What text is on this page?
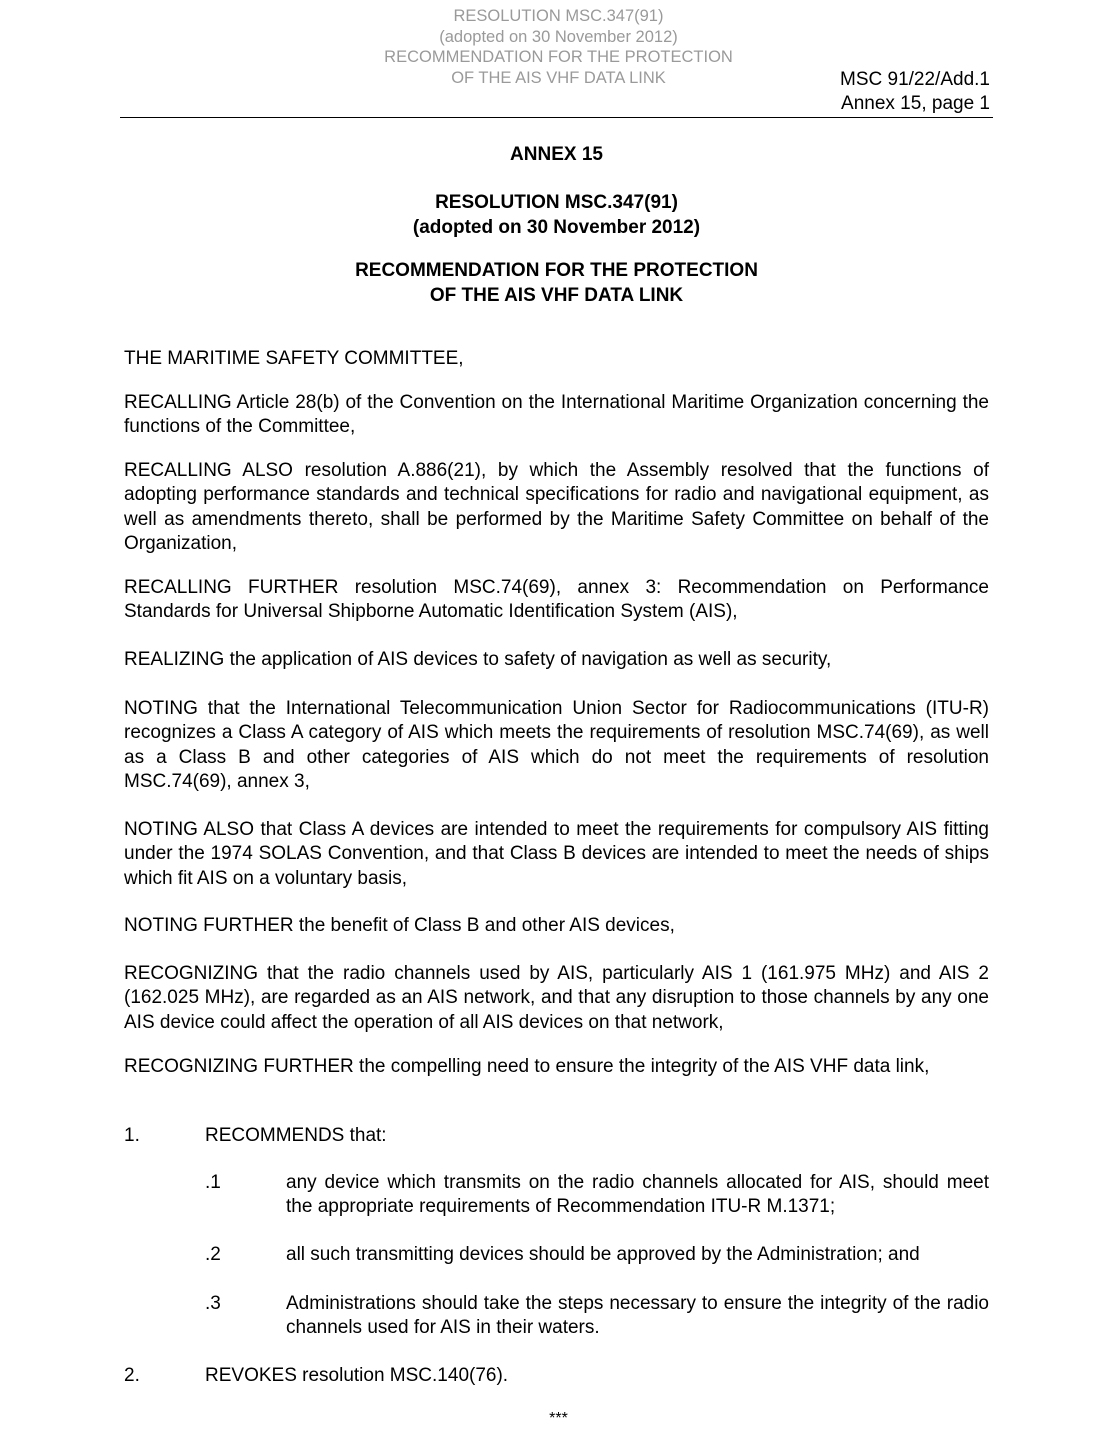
RESOLUTION MSC.347(91)
(adopted on 30 November 2012)
RECOMMENDATION FOR THE PROTECTION
OF THE AIS VHF DATA LINK	MSC 91/22/Add.1
Annex 15, page 1
ANNEX 15
RESOLUTION MSC.347(91)
(adopted on 30 November 2012)
RECOMMENDATION FOR THE PROTECTION
OF THE AIS VHF DATA LINK
THE MARITIME SAFETY COMMITTEE,
RECALLING Article 28(b) of the Convention on the International Maritime Organization concerning the functions of the Committee,
RECALLING ALSO resolution A.886(21), by which the Assembly resolved that the functions of adopting performance standards and technical specifications for radio and navigational equipment, as well as amendments thereto, shall be performed by the Maritime Safety Committee on behalf of the Organization,
RECALLING FURTHER resolution MSC.74(69), annex 3: Recommendation on Performance Standards for Universal Shipborne Automatic Identification System (AIS),
REALIZING the application of AIS devices to safety of navigation as well as security,
NOTING that the International Telecommunication Union Sector for Radiocommunications (ITU-R) recognizes a Class A category of AIS which meets the requirements of resolution MSC.74(69), as well as a Class B and other categories of AIS which do not meet the requirements of resolution MSC.74(69), annex 3,
NOTING ALSO that Class A devices are intended to meet the requirements for compulsory AIS fitting under the 1974 SOLAS Convention, and that Class B devices are intended to meet the needs of ships which fit AIS on a voluntary basis,
NOTING FURTHER the benefit of Class B and other AIS devices,
RECOGNIZING that the radio channels used by AIS, particularly AIS 1 (161.975 MHz) and AIS 2 (162.025 MHz), are regarded as an AIS network, and that any disruption to those channels by any one AIS device could affect the operation of all AIS devices on that network,
RECOGNIZING FURTHER the compelling need to ensure the integrity of the AIS VHF data link,
1.	RECOMMENDS that:
.1	any device which transmits on the radio channels allocated for AIS, should meet the appropriate requirements of Recommendation ITU-R M.1371;
.2	all such transmitting devices should be approved by the Administration; and
.3	Administrations should take the steps necessary to ensure the integrity of the radio channels used for AIS in their waters.
2.	REVOKES resolution MSC.140(76).
***
